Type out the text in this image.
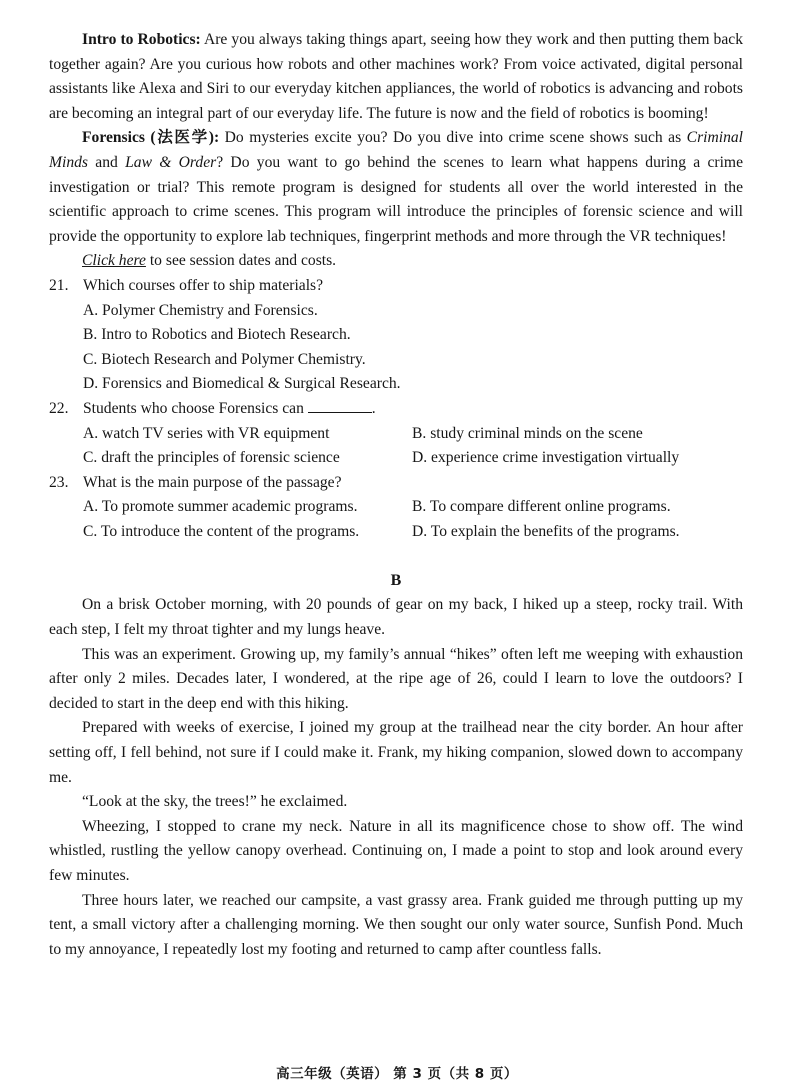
Intro to Robotics: Are you always taking things apart, seeing how they work and then putting them back together again? Are you curious how robots and other machines work? From voice activated, digital personal assistants like Alexa and Siri to our everyday kitchen appliances, the world of robotics is advancing and robots are becoming an integral part of our everyday life. The future is now and the field of robotics is booming!

Forensics (法医学): Do mysteries excite you? Do you dive into crime scene shows such as Criminal Minds and Law & Order? Do you want to go behind the scenes to learn what happens during a crime investigation or trial? This remote program is designed for students all over the world interested in the scientific approach to crime scenes. This program will introduce the principles of forensic science and will provide the opportunity to explore lab techniques, fingerprint methods and more through the VR techniques!

Click here to see session dates and costs.

21. Which courses offer to ship materials?

A. Polymer Chemistry and Forensics.

B. Intro to Robotics and Biotech Research.

C. Biotech Research and Polymer Chemistry.

D. Forensics and Biomedical & Surgical Research.

22. Students who choose Forensics can	.

A. watch TV series with VR equipment	B. study criminal minds on the scene
C. draft the principles of forensic science	D. experience crime investigation virtually

23. What is the main purpose of the passage?

A. To promote summer academic programs.	B. To compare different online programs.
C. To introduce the content of the programs.	D. To explain the benefits of the programs.

B

On a brisk October morning, with 20 pounds of gear on my back, I hiked up a steep, rocky trail. With each step, I felt my throat tighter and my lungs heave.

This was an experiment. Growing up, my family’s annual “hikes” often left me weeping with exhaustion after only 2 miles. Decades later, I wondered, at the ripe age of 26, could I learn to love the outdoors? I decided to start in the deep end with this hiking.

Prepared with weeks of exercise, I joined my group at the trailhead near the city border. An hour after setting off, I fell behind, not sure if I could make it. Frank, my hiking companion, slowed down to accompany me.

“Look at the sky, the trees!” he exclaimed.

Wheezing, I stopped to crane my neck. Nature in all its magnificence chose to show off. The wind whistled, rustling the yellow canopy overhead. Continuing on, I made a point to stop and look around every few minutes.

Three hours later, we reached our campsite, a vast grassy area. Frank guided me through putting up my tent, a small victory after a challenging morning. We then sought our only water source, Sunfish Pond. Much to my annoyance, I repeatedly lost my footing and returned to camp after countless falls.

高三年级（英语） 第 3 页（共 8 页）
